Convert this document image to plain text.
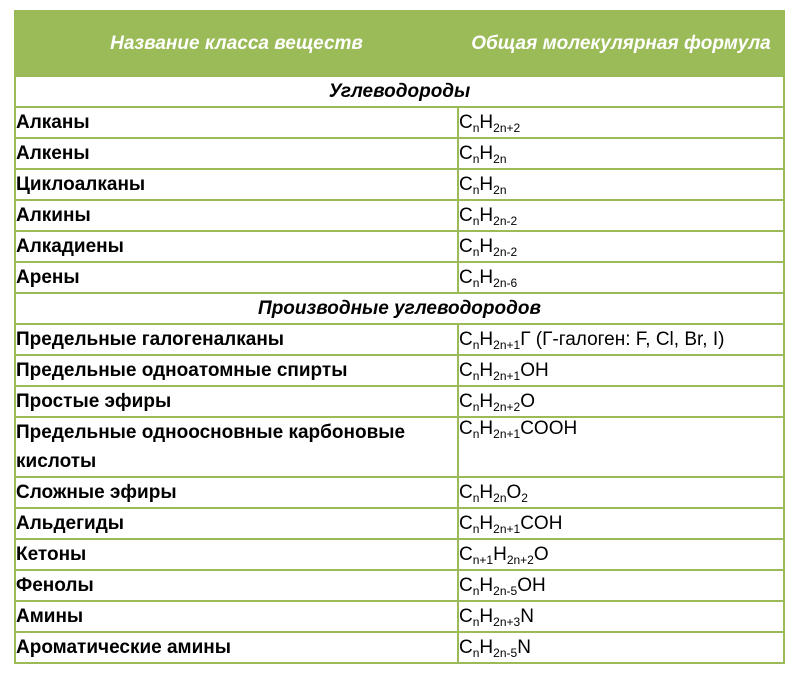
Название класса веществ	Общая молекулярная формула
Углеводороды	
Алканы	$C_nH_{2n+2}$
Алкены	$C_nH_{2n}$
Циклоалканы	$C_nH_{2n}$
Алкины	$C_nH_{2n-2}$
Алкадиены	$C_nH_{2n-2}$
Арены	$C_nH_{2n-6}$
Производные углеводородов	
Предельные галогеналканы	$C_nH_{2n+1}Г$ (Г-галоген: F, Cl, Br, I)
Предельные одноатомные спирты	$C_nH_{2n+1}OH$
Простые эфиры	$C_nH_{2n+2}O$
Предельные одноосновные карбоновые кислоты	$C_nH_{2n+1}COOH$
Сложные эфиры	$C_nH_{2n}O_2$
Альдегиды	$C_nH_{2n+1}COH$
Кетоны	$C_{n+1}H_{2n+2}O$
Фенолы	$C_nH_{2n-5}OH$
Амины	$C_nH_{2n+3}N$
Ароматические амины	$C_nH_{2n-5}N$
